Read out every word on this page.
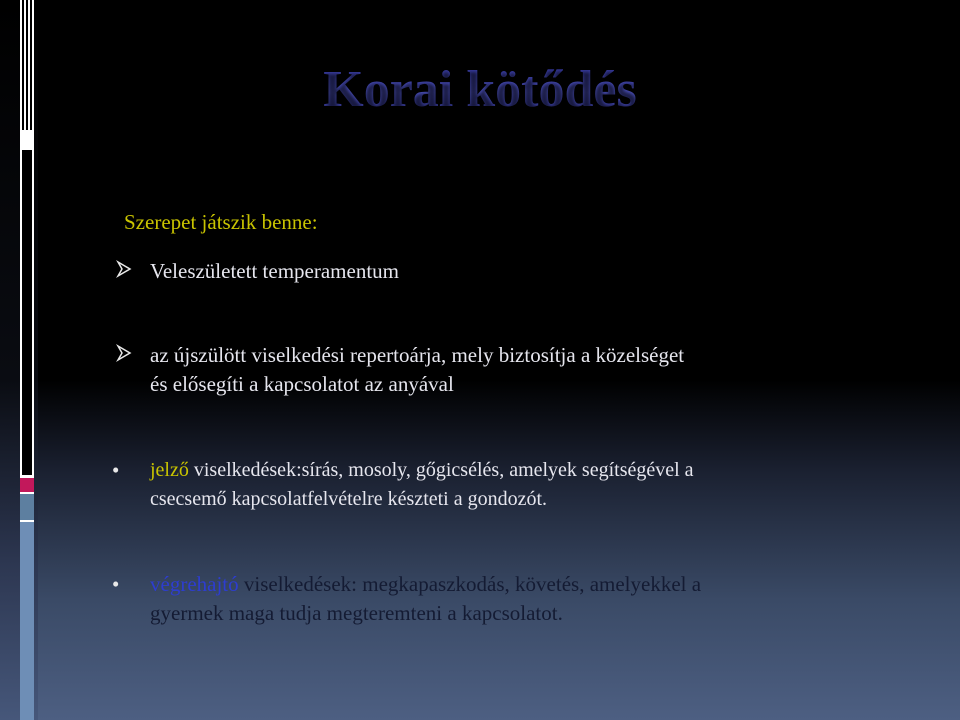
Korai kötődés
Szerepet játszik benne:
Veleszületett temperamentum
az újszülött viselkedési repertoárja, mely biztosítja a közelséget
és elősegíti a kapcsolatot az anyával
• jelző viselkedések:sírás, mosoly, gőgicsélés, amelyek segítségével a
csecsemő kapcsolatfelvételre készteti a gondozót.
• végrehajtó viselkedések: megkapaszkodás, követés, amelyekkel a
gyermek maga tudja megteremteni a kapcsolatot.
